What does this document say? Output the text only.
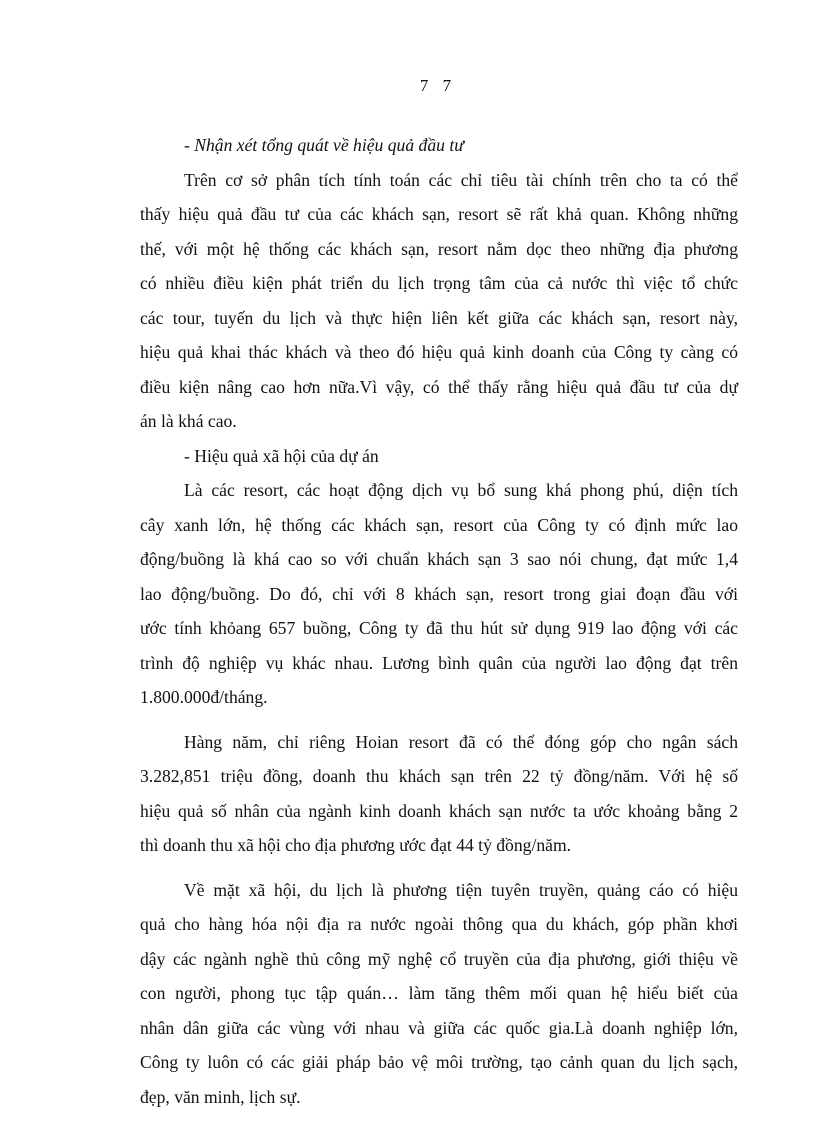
7 7
- Nhận xét tổng quát về hiệu quả đầu tư
Trên cơ sở phân tích tính toán các chỉ tiêu tài chính trên cho ta có thể
thấy hiệu quả đầu tư của các khách sạn, resort sẽ rất khả quan. Không những
thế, với một hệ thống các khách sạn, resort nằm dọc theo những địa phương
có nhiều điều kiện phát triển du lịch trọng tâm của cả nước thì việc tổ chức
các tour, tuyến du lịch và thực hiện liên kết giữa các khách sạn, resort này,
hiệu quả khai thác khách và theo đó hiệu quả kinh doanh của Công ty càng có
điều kiện nâng cao hơn nữa.Vì vậy, có thể thấy rằng hiệu quả đầu tư của dự
án là khá cao.
- Hiệu quả xã hội của dự án
Là các resort, các hoạt động dịch vụ bổ sung khá phong phú, diện tích
cây xanh lớn, hệ thống các khách sạn, resort của Công ty có định mức lao
động/buồng là khá cao so với chuẩn khách sạn 3 sao nói chung, đạt mức 1,4
lao động/buồng. Do đó, chỉ với 8 khách sạn, resort trong giai đoạn đầu với
ước tính khỏang 657 buồng, Công ty đã thu hút sử dụng 919 lao động với các
trình độ nghiệp vụ khác nhau. Lương bình quân của người lao động đạt trên
1.800.000đ/tháng.
Hàng năm, chỉ riêng Hoian resort đã có thể đóng góp cho ngân sách
3.282,851 triệu đồng, doanh thu khách sạn trên 22 tỷ đồng/năm. Với hệ số
hiệu quả số nhân của ngành kinh doanh khách sạn nước ta ước khoảng bằng 2
thì doanh thu xã hội cho địa phương ước đạt 44 tỷ đồng/năm.
Về mặt xã hội, du lịch là phương tiện tuyên truyền, quảng cáo có hiệu
quả cho hàng hóa nội địa ra nước ngoài thông qua du khách, góp phần khơi
dậy các ngành nghề thủ công mỹ nghệ cổ truyền của địa phương, giới thiệu về
con người, phong tục tập quán… làm tăng thêm mối quan hệ hiểu biết của
nhân dân giữa các vùng với nhau và giữa các quốc gia.Là doanh nghiệp lớn,
Công ty luôn có các giải pháp bảo vệ môi trường, tạo cảnh quan du lịch sạch,
đẹp, văn minh, lịch sự.
